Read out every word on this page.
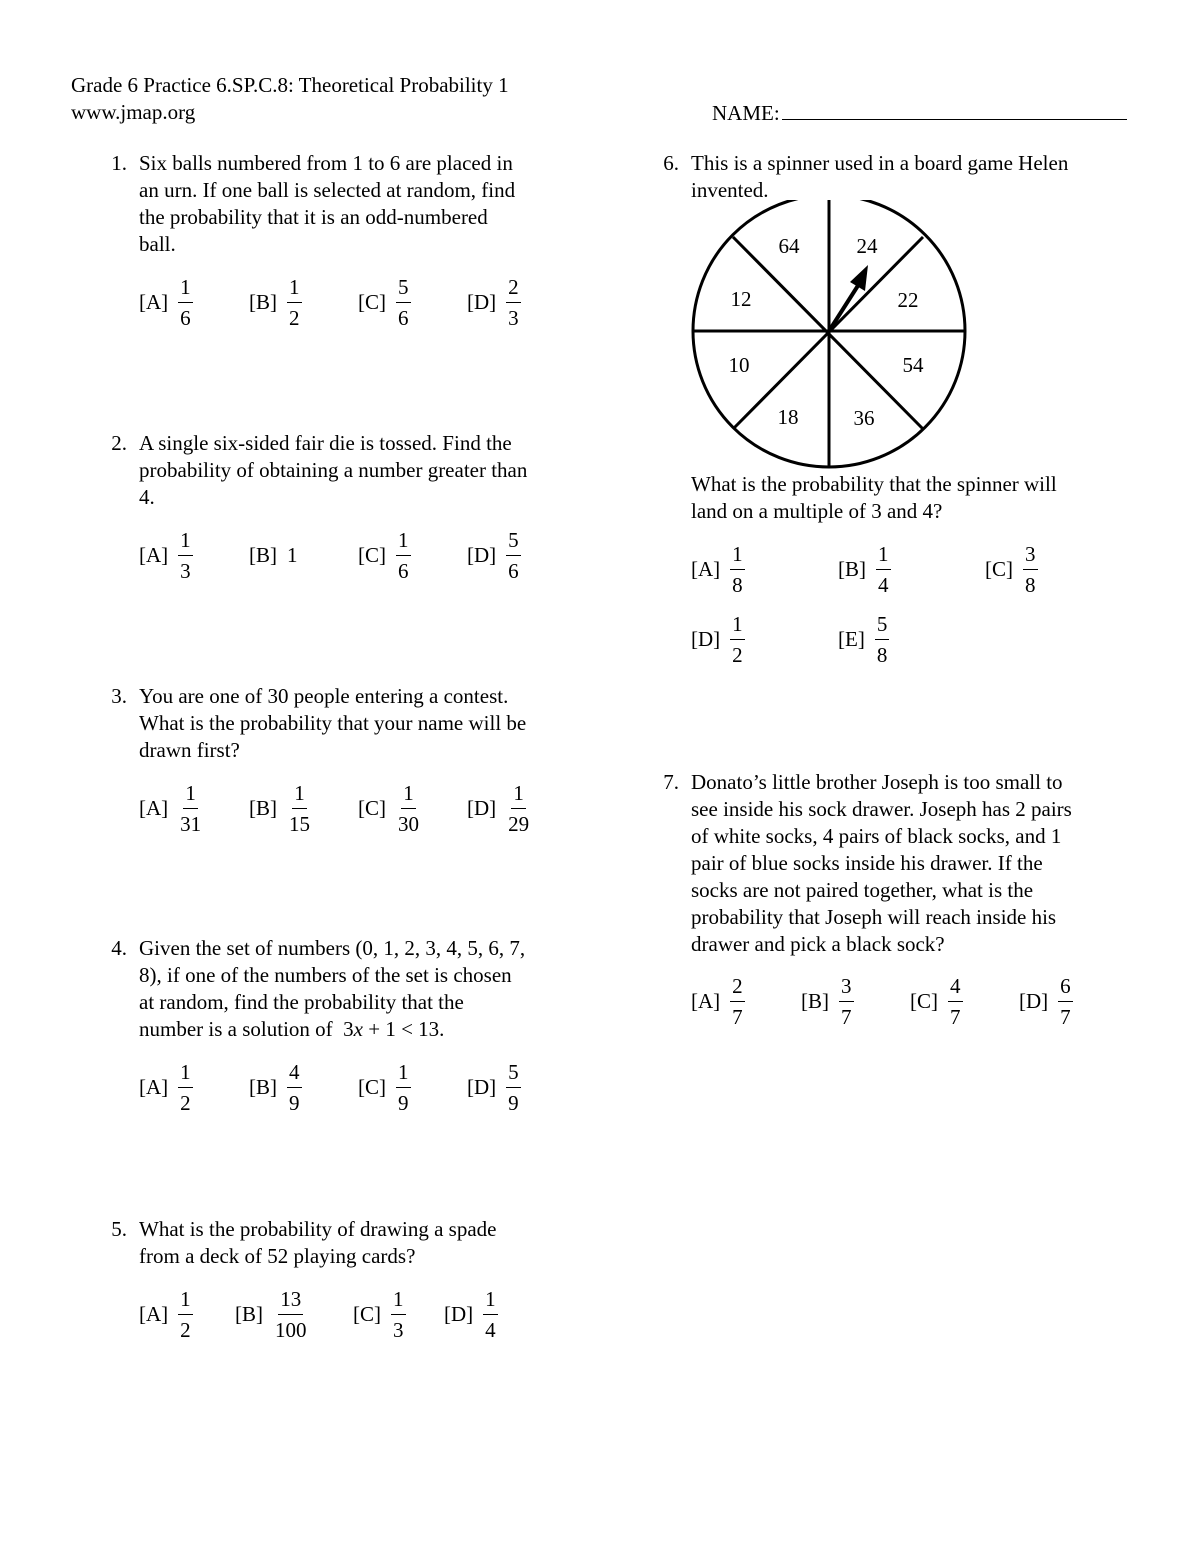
Grade 6 Practice 6.SP.C.8: Theoretical Probability 1
www.jmap.org	NAME:
1. Six balls numbered from 1 to 6 are placed in

an urn. If one ball is selected at random, find

the probability that it is an odd-numbered

ball.

$[A] \frac{1}{6}$	$[B] \frac{1}{2}$	$[C] \frac{5}{6}$	$[D] \frac{2}{3}$
2. A single six-sided fair die is tossed. Find the

probability of obtaining a number greater than

4.

$[A] \frac{1}{3}$	[B] 1	$[C] \frac{1}{6}$	$[D] \frac{5}{6}$
3. You are one of 30 people entering a contest.

What is the probability that your name will be

drawn first?

$[A] \frac{1}{31} [B] \frac{1}{15} [C] \frac{1}{30} [D] \frac{1}{29}$
4. Given the set of numbers (0, 1, 2, 3, 4, 5, 6, 7,

8), if one of the numbers of the set is chosen

at random, find the probability that the

number is a solution of 3x + 1 < 13.

$[A] \frac{1}{2}$	$[B] \frac{4}{9}$	$[C] \frac{1}{9}$	$[D] \frac{5}{9}$
5. What is the probability of drawing a spade

from a deck of 52 playing cards?

$[A] \frac{1}{2} [B] \frac{13}{100} [C] \frac{1}{3} [D] \frac{1}{4}$
6. This is a spinner used in a board game Helen

invented.

What is the probability that the spinner will

land on a multiple of 3 and 4?

$[A] \frac{1}{8}$	$[B] \frac{1}{4}$	$[C] \frac{3}{8}$
$[D] \frac{1}{2}$	$[E] \frac{5}{8}$
64	24
22
54
36
18
10
12
7. Donato’s little brother Joseph is too small to

see inside his sock drawer. Joseph has 2 pairs

of white socks, 4 pairs of black socks, and 1

pair of blue socks inside his drawer. If the

socks are not paired together, what is the

probability that Joseph will reach inside his

drawer and pick a black sock?

$[A] \frac{2}{7}$	$[B] \frac{3}{7}$	$[C] \frac{4}{7}$	$[D] \frac{6}{7}$
